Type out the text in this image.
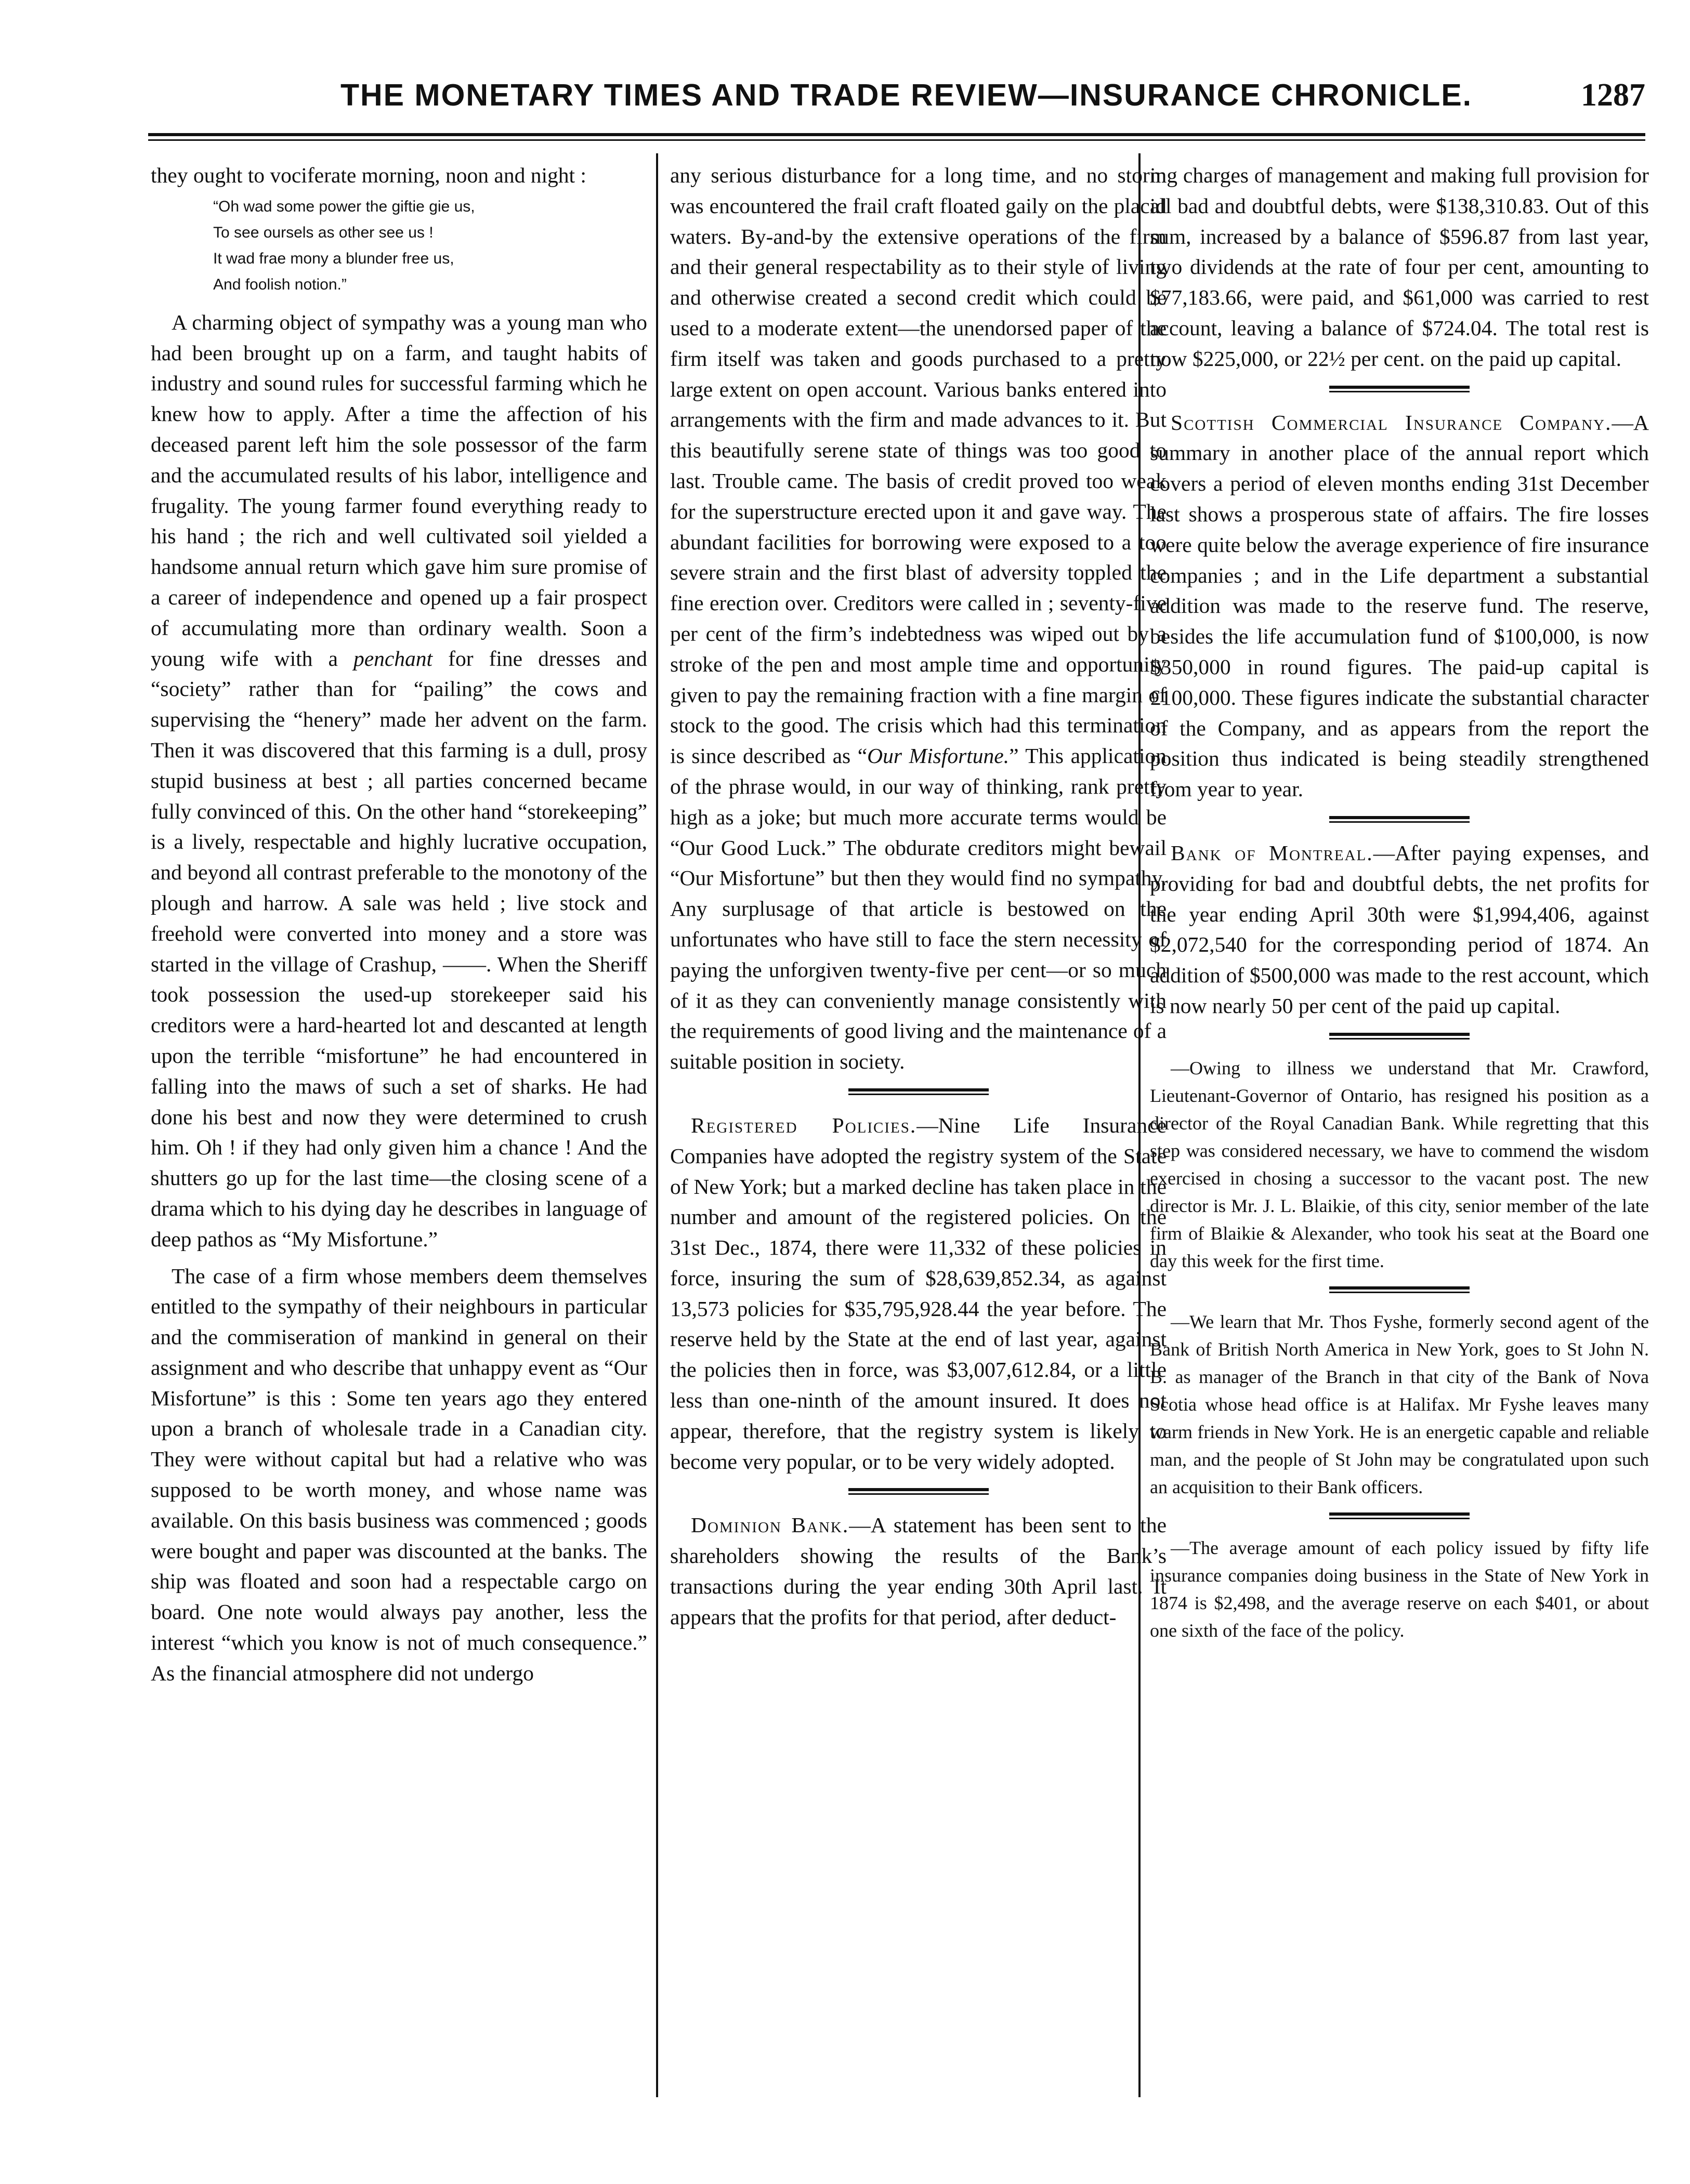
THE MONETARY TIMES AND TRADE REVIEW—INSURANCE CHRONICLE.	1287

they ought to vociferate morning, noon and night :

“Oh wad some power the giftie gie us,
To see oursels as other see us !
It wad frae mony a blunder free us,
And foolish notion.”

A charming object of sympathy was a young man who had been brought up on a farm, and taught habits of industry and sound rules for successful farming which he knew how to apply. After a time the affection of his deceased parent left him the sole possessor of the farm and the accumulated results of his labor, intelligence and frugality. The young farmer found everything ready to his hand ; the rich and well cultivated soil yielded a handsome annual return which gave him sure promise of a career of independence and opened up a fair prospect of accumulating more than ordinary wealth. Soon a young wife with a penchant for fine dresses and “society” rather than for “pailing” the cows and supervising the “henery” made her advent on the farm. Then it was discovered that this farming is a dull, prosy stupid business at best ; all parties concerned became fully convinced of this. On the other hand “storekeeping” is a lively, respectable and highly lucrative occupation, and beyond all contrast preferable to the monotony of the plough and harrow. A sale was held ; live stock and freehold were converted into money and a store was started in the village of Crashup, ——. When the Sheriff took possession the used-up storekeeper said his creditors were a hard-hearted lot and descanted at length upon the terrible “misfortune” he had encountered in falling into the maws of such a set of sharks. He had done his best and now they were determined to crush him. Oh ! if they had only given him a chance ! And the shutters go up for the last time—the closing scene of a drama which to his dying day he describes in language of deep pathos as “My Misfortune.”

The case of a firm whose members deem themselves entitled to the sympathy of their neighbours in particular and the commiseration of mankind in general on their assignment and who describe that unhappy event as “Our Misfortune” is this : Some ten years ago they entered upon a branch of wholesale trade in a Canadian city. They were without capital but had a relative who was supposed to be worth money, and whose name was available. On this basis business was commenced ; goods were bought and paper was discounted at the banks. The ship was floated and soon had a respectable cargo on board. One note would always pay another, less the interest “which you know is not of much consequence.” As the financial atmosphere did not undergo

any serious disturbance for a long time, and no storm was encountered the frail craft floated gaily on the placid waters. By-and-by the extensive operations of the firm and their general respectability as to their style of living and otherwise created a second credit which could be used to a moderate extent—the unendorsed paper of the firm itself was taken and goods purchased to a pretty large extent on open account. Various banks entered into arrangements with the firm and made advances to it. But this beautifully serene state of things was too good to last. Trouble came. The basis of credit proved too weak for the superstructure erected upon it and gave way. The abundant facilities for borrowing were exposed to a too severe strain and the first blast of adversity toppled the fine erection over. Creditors were called in ; seventy-five per cent of the firm’s indebtedness was wiped out by a stroke of the pen and most ample time and opportunity given to pay the remaining fraction with a fine margin of stock to the good. The crisis which had this termination is since described as “Our Misfortune.” This application of the phrase would, in our way of thinking, rank pretty high as a joke; but much more accurate terms would be “Our Good Luck.” The obdurate creditors might bewail “Our Misfortune” but then they would find no sympathy. Any surplusage of that article is bestowed on the unfortunates who have still to face the stern necessity of paying the unforgiven twenty-five per cent—or so much of it as they can conveniently manage consistently with the requirements of good living and the maintenance of a suitable position in society.

Registered Policies.—Nine Life Insurance Companies have adopted the registry system of the State of New York; but a marked decline has taken place in the number and amount of the registered policies. On the 31st Dec., 1874, there were 11,332 of these policies in force, insuring the sum of $28,639,852.34, as against 13,573 policies for $35,795,928.44 the year before. The reserve held by the State at the end of last year, against the policies then in force, was $3,007,612.84, or a little less than one-ninth of the amount insured. It does not appear, therefore, that the registry system is likely to become very popular, or to be very widely adopted.

Dominion Bank.—A statement has been sent to the shareholders showing the results of the Bank’s transactions during the year ending 30th April last. It appears that the profits for that period, after deduct-

ing charges of management and making full provision for all bad and doubtful debts, were $138,310.83. Out of this sum, increased by a balance of $596.87 from last year, two dividends at the rate of four per cent, amounting to $77,183.66, were paid, and $61,000 was carried to rest account, leaving a balance of $724.04. The total rest is now $225,000, or 22½ per cent. on the paid up capital.

Scottish Commercial Insurance Company.—A summary in another place of the annual report which covers a period of eleven months ending 31st December last shows a prosperous state of affairs. The fire losses were quite below the average experience of fire insurance companies ; and in the Life department a substantial addition was made to the reserve fund. The reserve, besides the life accumulation fund of $100,000, is now $350,000 in round figures. The paid-up capital is £100,000. These figures indicate the substantial character of the Company, and as appears from the report the position thus indicated is being steadily strengthened from year to year.

Bank of Montreal.—After paying expenses, and providing for bad and doubtful debts, the net profits for the year ending April 30th were $1,994,406, against $2,072,540 for the corresponding period of 1874. An addition of $500,000 was made to the rest account, which is now nearly 50 per cent of the paid up capital.

—Owing to illness we understand that Mr. Crawford, Lieutenant-Governor of Ontario, has resigned his position as a director of the Royal Canadian Bank. While regretting that this step was considered necessary, we have to commend the wisdom exercised in chosing a successor to the vacant post. The new director is Mr. J. L. Blaikie, of this city, senior member of the late firm of Blaikie & Alexander, who took his seat at the Board one day this week for the first time.

—We learn that Mr. Thos Fyshe, formerly second agent of the Bank of British North America in New York, goes to St John N. B. as manager of the Branch in that city of the Bank of Nova Scotia whose head office is at Halifax. Mr Fyshe leaves many warm friends in New York. He is an energetic capable and reliable man, and the people of St John may be congratulated upon such an acquisition to their Bank officers.

—The average amount of each policy issued by fifty life insurance companies doing business in the State of New York in 1874 is $2,498, and the average reserve on each $401, or about one sixth of the face of the policy.
